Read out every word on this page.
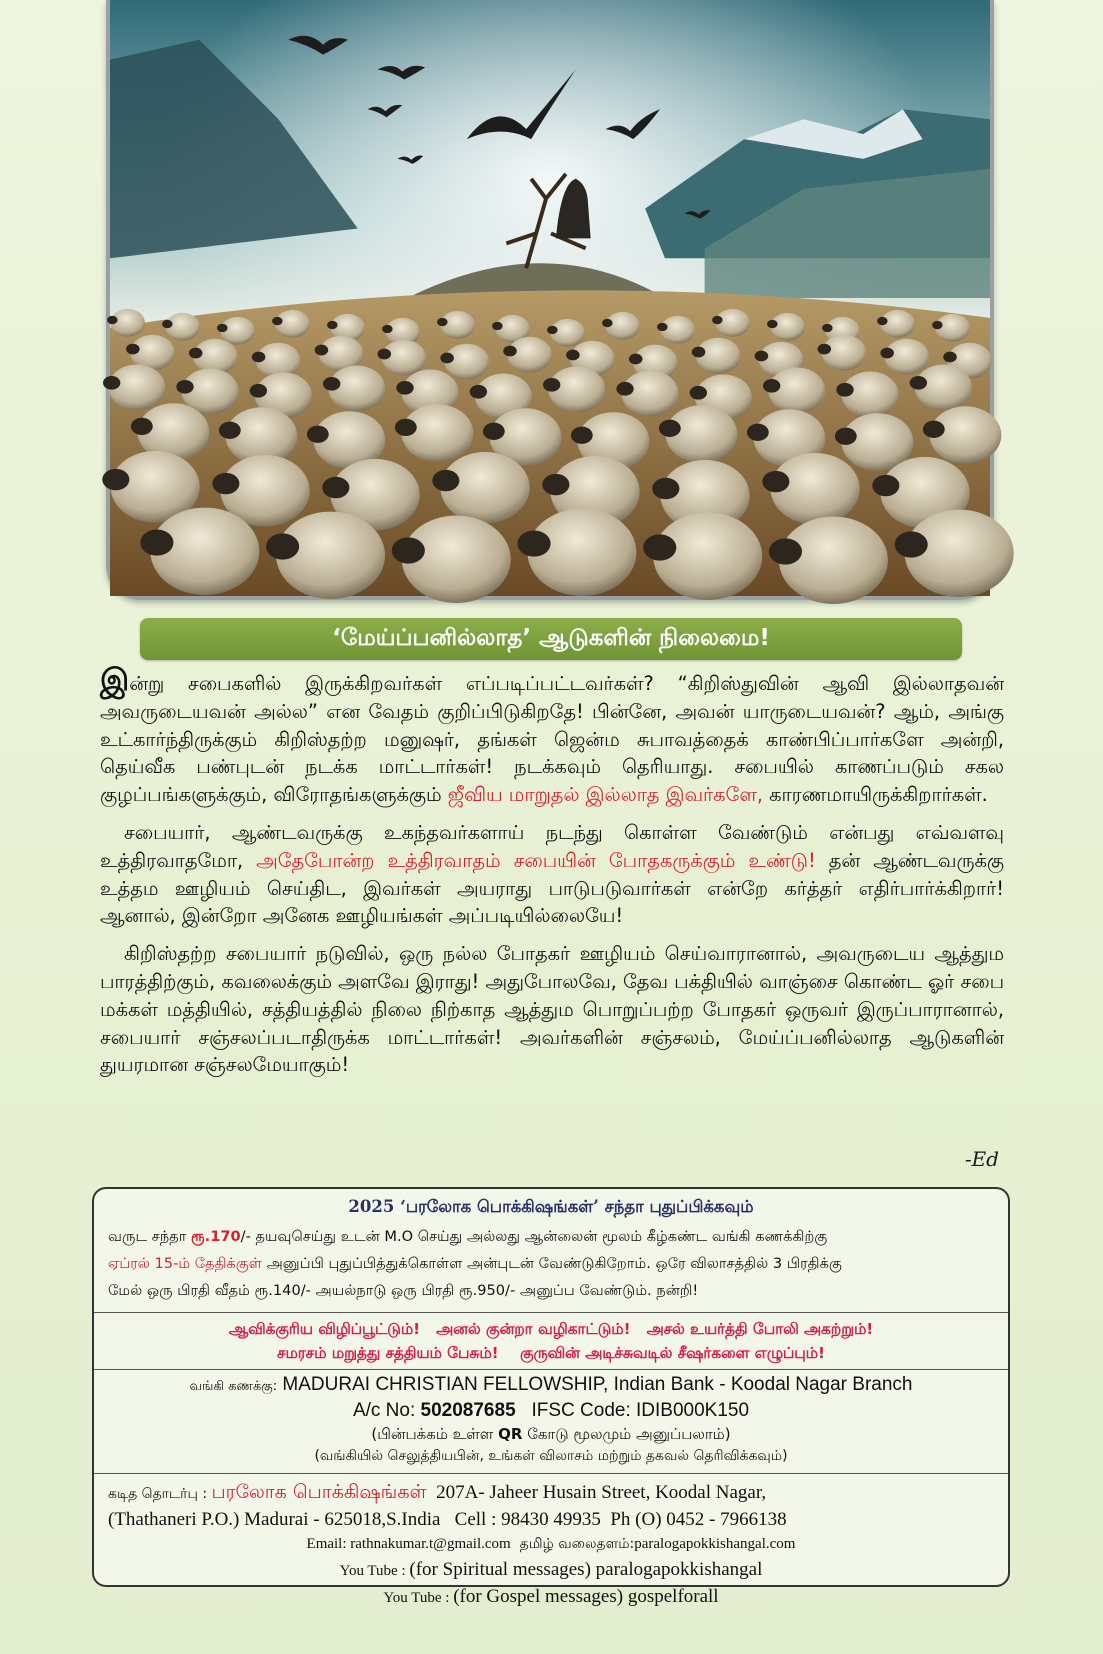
‘மேய்ப்பனில்லாத’ ஆடுகளின் நிலைமை!

இன்று சபைகளில் இருக்கிறவர்கள் எப்படிப்பட்டவர்கள்? “கிறிஸ்துவின் ஆவி இல்லாதவன் அவருடையவன் அல்ல” என வேதம் குறிப்பிடுகிறதே! பின்னே, அவன் யாருடையவன்? ஆம், அங்கு உட்கார்ந்திருக்கும் கிறிஸ்தற்ற மனுஷர், தங்கள் ஜென்ம சுபாவத்தைக் காண்பிப்பார்களே அன்றி, தெய்வீக பண்புடன் நடக்க மாட்டார்கள்! நடக்கவும் தெரியாது. சபையில் காணப்படும் சகல குழப்பங்களுக்கும், விரோதங்களுக்கும் ஜீவிய மாறுதல் இல்லாத இவர்களே, காரணமாயிருக்கிறார்கள்.

சபையார், ஆண்டவருக்கு உகந்தவர்களாய் நடந்து கொள்ள வேண்டும் என்பது எவ்வளவு உத்திரவாதமோ, அதேபோன்ற உத்திரவாதம் சபையின் போதகருக்கும் உண்டு! தன் ஆண்டவருக்கு உத்தம ஊழியம் செய்திட, இவர்கள் அயராது பாடுபடுவார்கள் என்றே கர்த்தர் எதிர்பார்க்கிறார்! ஆனால், இன்றோ அனேக ஊழியங்கள் அப்படியில்லையே!

கிறிஸ்தற்ற சபையார் நடுவில், ஒரு நல்ல போதகர் ஊழியம் செய்வாரானால், அவருடைய ஆத்தும பாரத்திற்கும், கவலைக்கும் அளவே இராது! அதுபோலவே, தேவ பக்தியில் வாஞ்சை கொண்ட ஓர் சபை மக்கள் மத்தியில், சத்தியத்தில் நிலை நிற்காத ஆத்தும பொறுப்பற்ற போதகர் ஒருவர் இருப்பாரானால், சபையார் சஞ்சலப்படாதிருக்க மாட்டார்கள்! அவர்களின் சஞ்சலம், மேய்ப்பனில்லாத ஆடுகளின் துயரமான சஞ்சலமேயாகும்!

-Ed
2025 ‘பரலோக பொக்கிஷங்கள்’ சந்தா புதுப்பிக்கவும்
வருட சந்தா ரூ.170/- தயவுசெய்து உடன் M.O செய்து அல்லது ஆன்லைன் மூலம் கீழ்கண்ட வங்கி கணக்கிற்கு
ஏப்ரல் 15-ம் தேதிக்குள் அனுப்பி புதுப்பித்துக்கொள்ள அன்புடன் வேண்டுகிறோம். ஒரே விலாசத்தில் 3 பிரதிக்கு
மேல் ஒரு பிரதி வீதம் ரூ.140/- அயல்நாடு ஒரு பிரதி ரூ.950/- அனுப்ப வேண்டும். நன்றி!
ஆவிக்குரிய விழிப்பூட்டும்!   அனல் குன்றா வழிகாட்டும்!   அசல் உயர்த்தி போலி அகற்றும்!
சமரசம் மறுத்து சத்தியம் பேசும்!    குருவின் அடிச்சுவடில் சீஷர்களை எழுப்பும்!
வங்கி கணக்கு: MADURAI CHRISTIAN FELLOWSHIP, Indian Bank - Koodal Nagar Branch
A/c No: 502087685   IFSC Code: IDIB000K150
(பின்பக்கம் உள்ள QR கோடு மூலமும் அனுப்பலாம்)
(வங்கியில் செலுத்தியபின், உங்கள் விலாசம் மற்றும் தகவல் தெரிவிக்கவும்)
கடித தொடர்பு : பரலோக பொக்கிஷங்கள்  207A- Jaheer Husain Street, Koodal Nagar,
(Thathaneri P.O.) Madurai - 625018,S.India   Cell : 98430 49935  Ph (O) 0452 - 7966138
Email: rathnakumar.t@gmail.com  தமிழ் வலைதளம்:paralogapokkishangal.com
You Tube : (for Spiritual messages) paralogapokkishangal
You Tube : (for Gospel messages) gospelforall
